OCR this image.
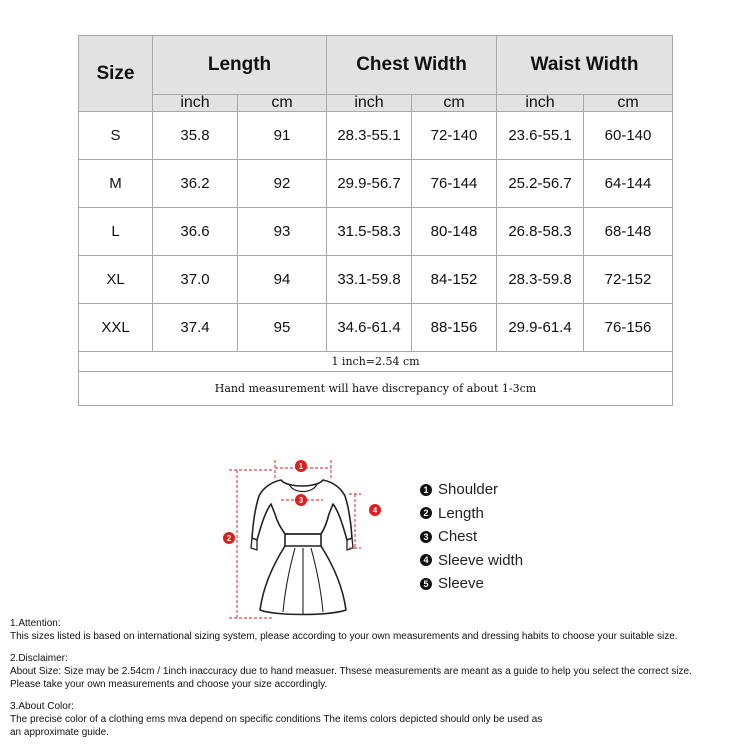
Size	Length		Chest Width		Waist Width	
	inch	cm	inch	cm	inch	cm
S	35.8	91	28.3-55.1	72-140	23.6-55.1	60-140
M	36.2	92	29.9-56.7	76-144	25.2-56.7	64-144
L	36.6	93	31.5-58.3	80-148	26.8-58.3	68-148
XL	37.0	94	33.1-59.8	84-152	28.3-59.8	72-152
XXL	37.4	95	34.6-61.4	88-156	29.9-61.4	76-156
1 inch=2.54 cm						
Hand measurement will have discrepancy of about 1-3cm						
1
2
3
4
1 Shoulder
2 Length
3 Chest
4 Sleeve width
5 Sleeve

1.Attention:

This sizes listed is based on international sizing system, please according to your own measurements and dressing habits to choose your suitable size.

2.Disclaimer:

About Size: Size may be 2.54cm / 1inch inaccuracy due to hand measuer. Thsese measurements are meant as a guide to help you select the correct size.

Please take your own measurements and choose your size accordingly.

3.About Color:

The precise color of a clothing ems mva depend on specific conditions The items colors depicted should only be used as

an approximate guide.
